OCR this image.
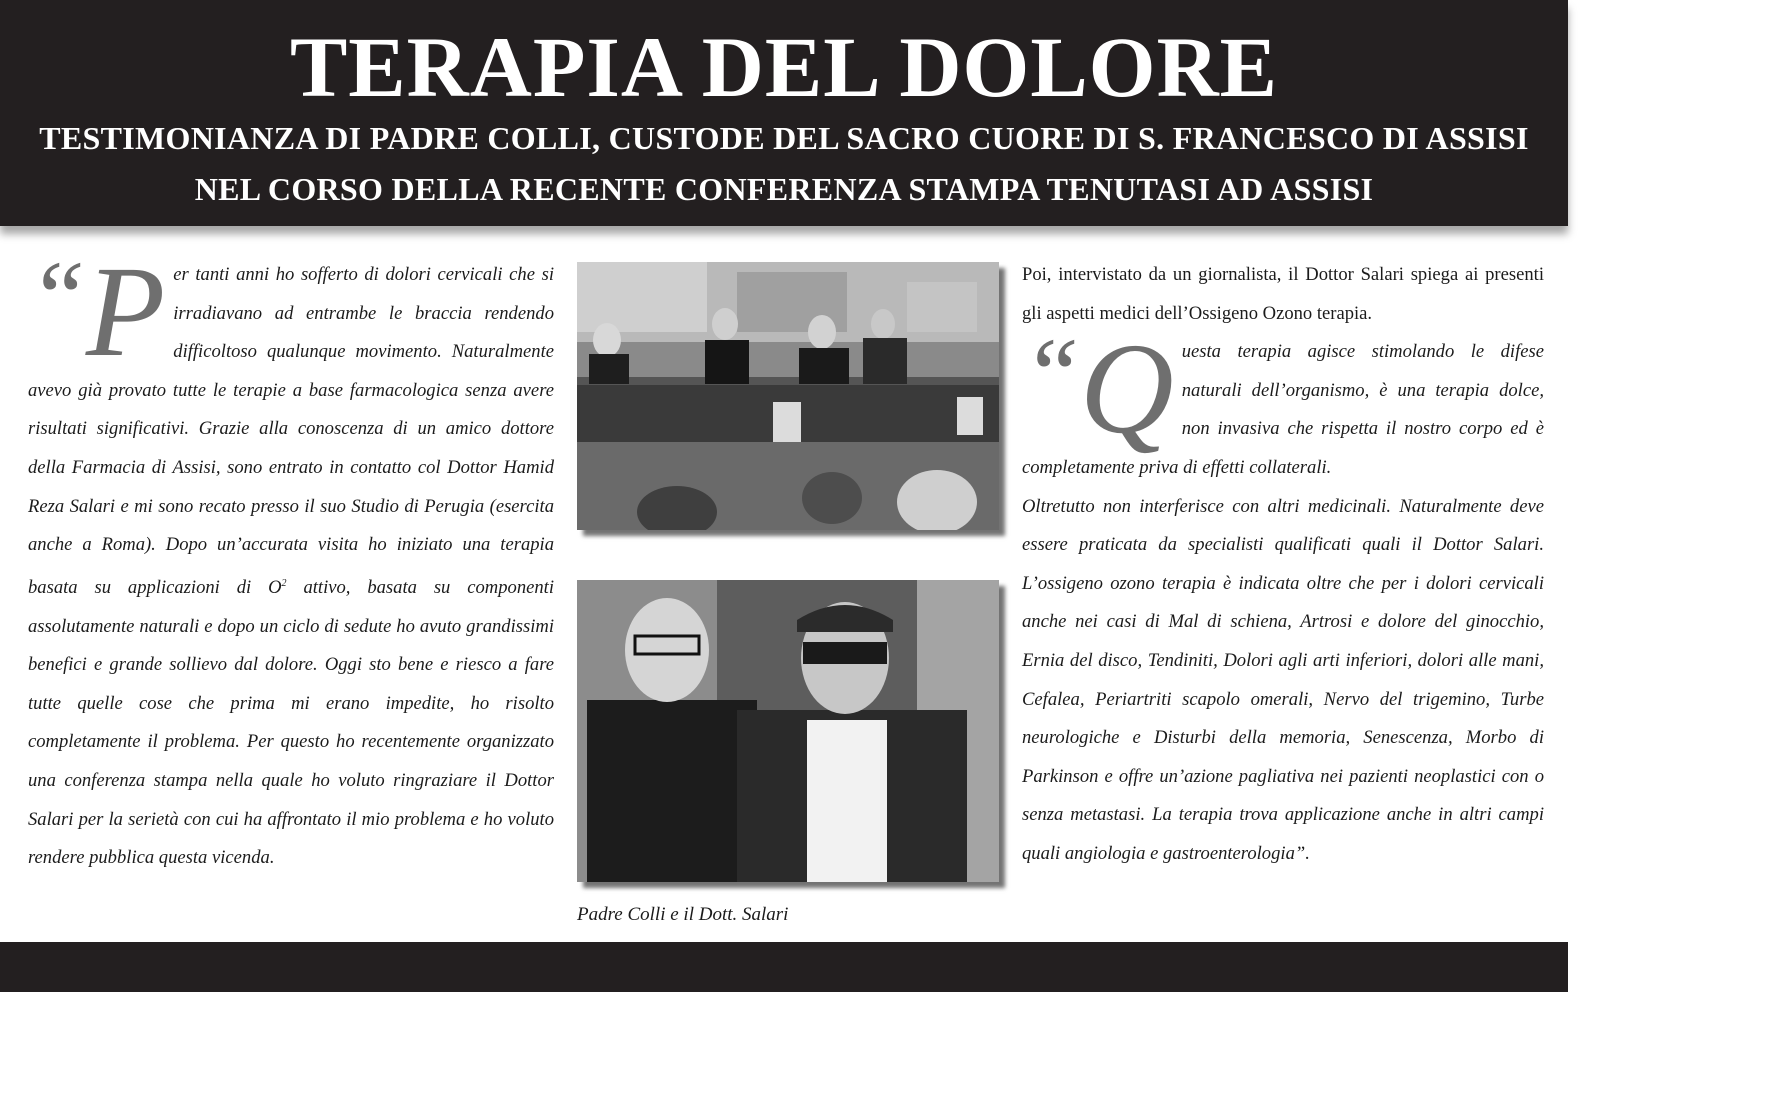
TERAPIA DEL DOLORE
TESTIMONIANZA DI PADRE COLLI, CUSTODE DEL SACRO CUORE DI S. FRANCESCO DI ASSISI
NEL CORSO DELLA RECENTE CONFERENZA STAMPA TENUTASI AD ASSISI
“P er tanti anni ho sofferto di dolori cervicali che si irradiavano ad entrambe le braccia rendendo difficoltoso qualunque movimento. Naturalmente avevo già provato tutte le terapie a base farmacologica senza avere risultati significativi. Grazie alla conoscenza di un amico dottore della Farmacia di Assisi, sono entrato in contatto col Dottor Hamid Reza Salari e mi sono recato presso il suo Studio di Perugia (esercita anche a Roma). Dopo un’accurata visita ho iniziato una terapia basata su applicazioni di $O^2$ attivo, basata su componenti assolutamente naturali e dopo un ciclo di sedute ho avuto grandissimi benefici e grande sollievo dal dolore. Oggi sto bene e riesco a fare tutte quelle cose che prima mi erano impedite, ho risolto completamente il problema. Per questo ho recentemente organizzato una conferenza stampa nella quale ho voluto ringraziare il Dottor Salari per la serietà con cui ha affrontato il mio problema e ho voluto rendere pubblica questa vicenda.
Padre Colli e il Dott. Salari

Poi, intervistato da un giornalista, il Dottor Salari spiega ai presenti gli aspetti medici dell’Ossigeno Ozono terapia.

“Q uesta terapia agisce stimolando le difese naturali dell’organismo, è una terapia dolce, non invasiva che rispetta il nostro corpo ed è completamente priva di effetti collaterali.

Oltretutto non interferisce con altri medicinali. Naturalmente deve essere praticata da specialisti qualificati quali il Dottor Salari. L’ossigeno ozono terapia è indicata oltre che per i dolori cervicali anche nei casi di Mal di schiena, Artrosi e dolore del ginocchio, Ernia del disco, Tendiniti, Dolori agli arti inferiori, dolori alle mani, Cefalea, Periartriti scapolo omerali, Nervo del trigemino, Turbe neurologiche e Disturbi della memoria, Senescenza, Morbo di Parkinson e offre un’azione pagliativa nei pazienti neoplastici con o senza metastasi. La terapia trova applicazione anche in altri campi quali angiologia e gastroenterologia”.
